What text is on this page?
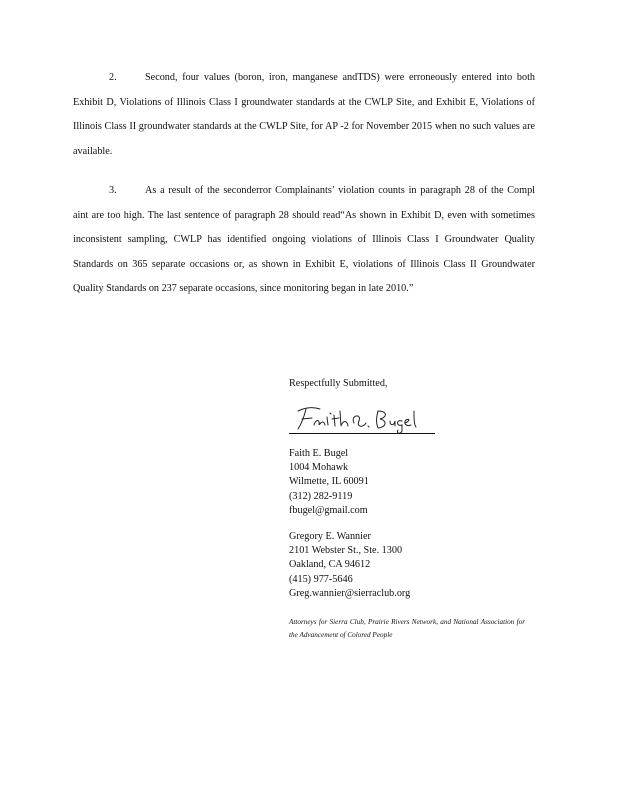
2.	Second, four values (boron, iron, manganese andTDS) were erroneously entered into both Exhibit D, Violations of Illinois Class I groundwater standards at the CWLP Site, and Exhibit E, Violations of Illinois Class II groundwater standards at the CWLP Site, for AP -2 for November 2015 when no such values are available.
3.	As a result of the seconderror Complainants’ violation counts in paragraph 28 of the Compl aint are too high. The last sentence of paragraph 28 should read“As shown in Exhibit D, even with sometimes inconsistent sampling, CWLP has identified ongoing violations of Illinois Class I Groundwater Quality Standards on 365 separate occasions or, as shown in Exhibit E, violations of Illinois Class II Groundwater Quality Standards on 237 separate occasions, since monitoring began in late 2010.”
Respectfully Submitted,
Faith E. Bugel
1004 Mohawk
Wilmette, IL 60091
(312) 282-9119
fbugel@gmail.com
Gregory E. Wannier
2101 Webster St., Ste. 1300
Oakland, CA 94612
(415) 977-5646
Greg.wannier@sierraclub.org
Attorneys for Sierra Club, Prairie Rivers Network, and National Association for the Advancement of Colored People
